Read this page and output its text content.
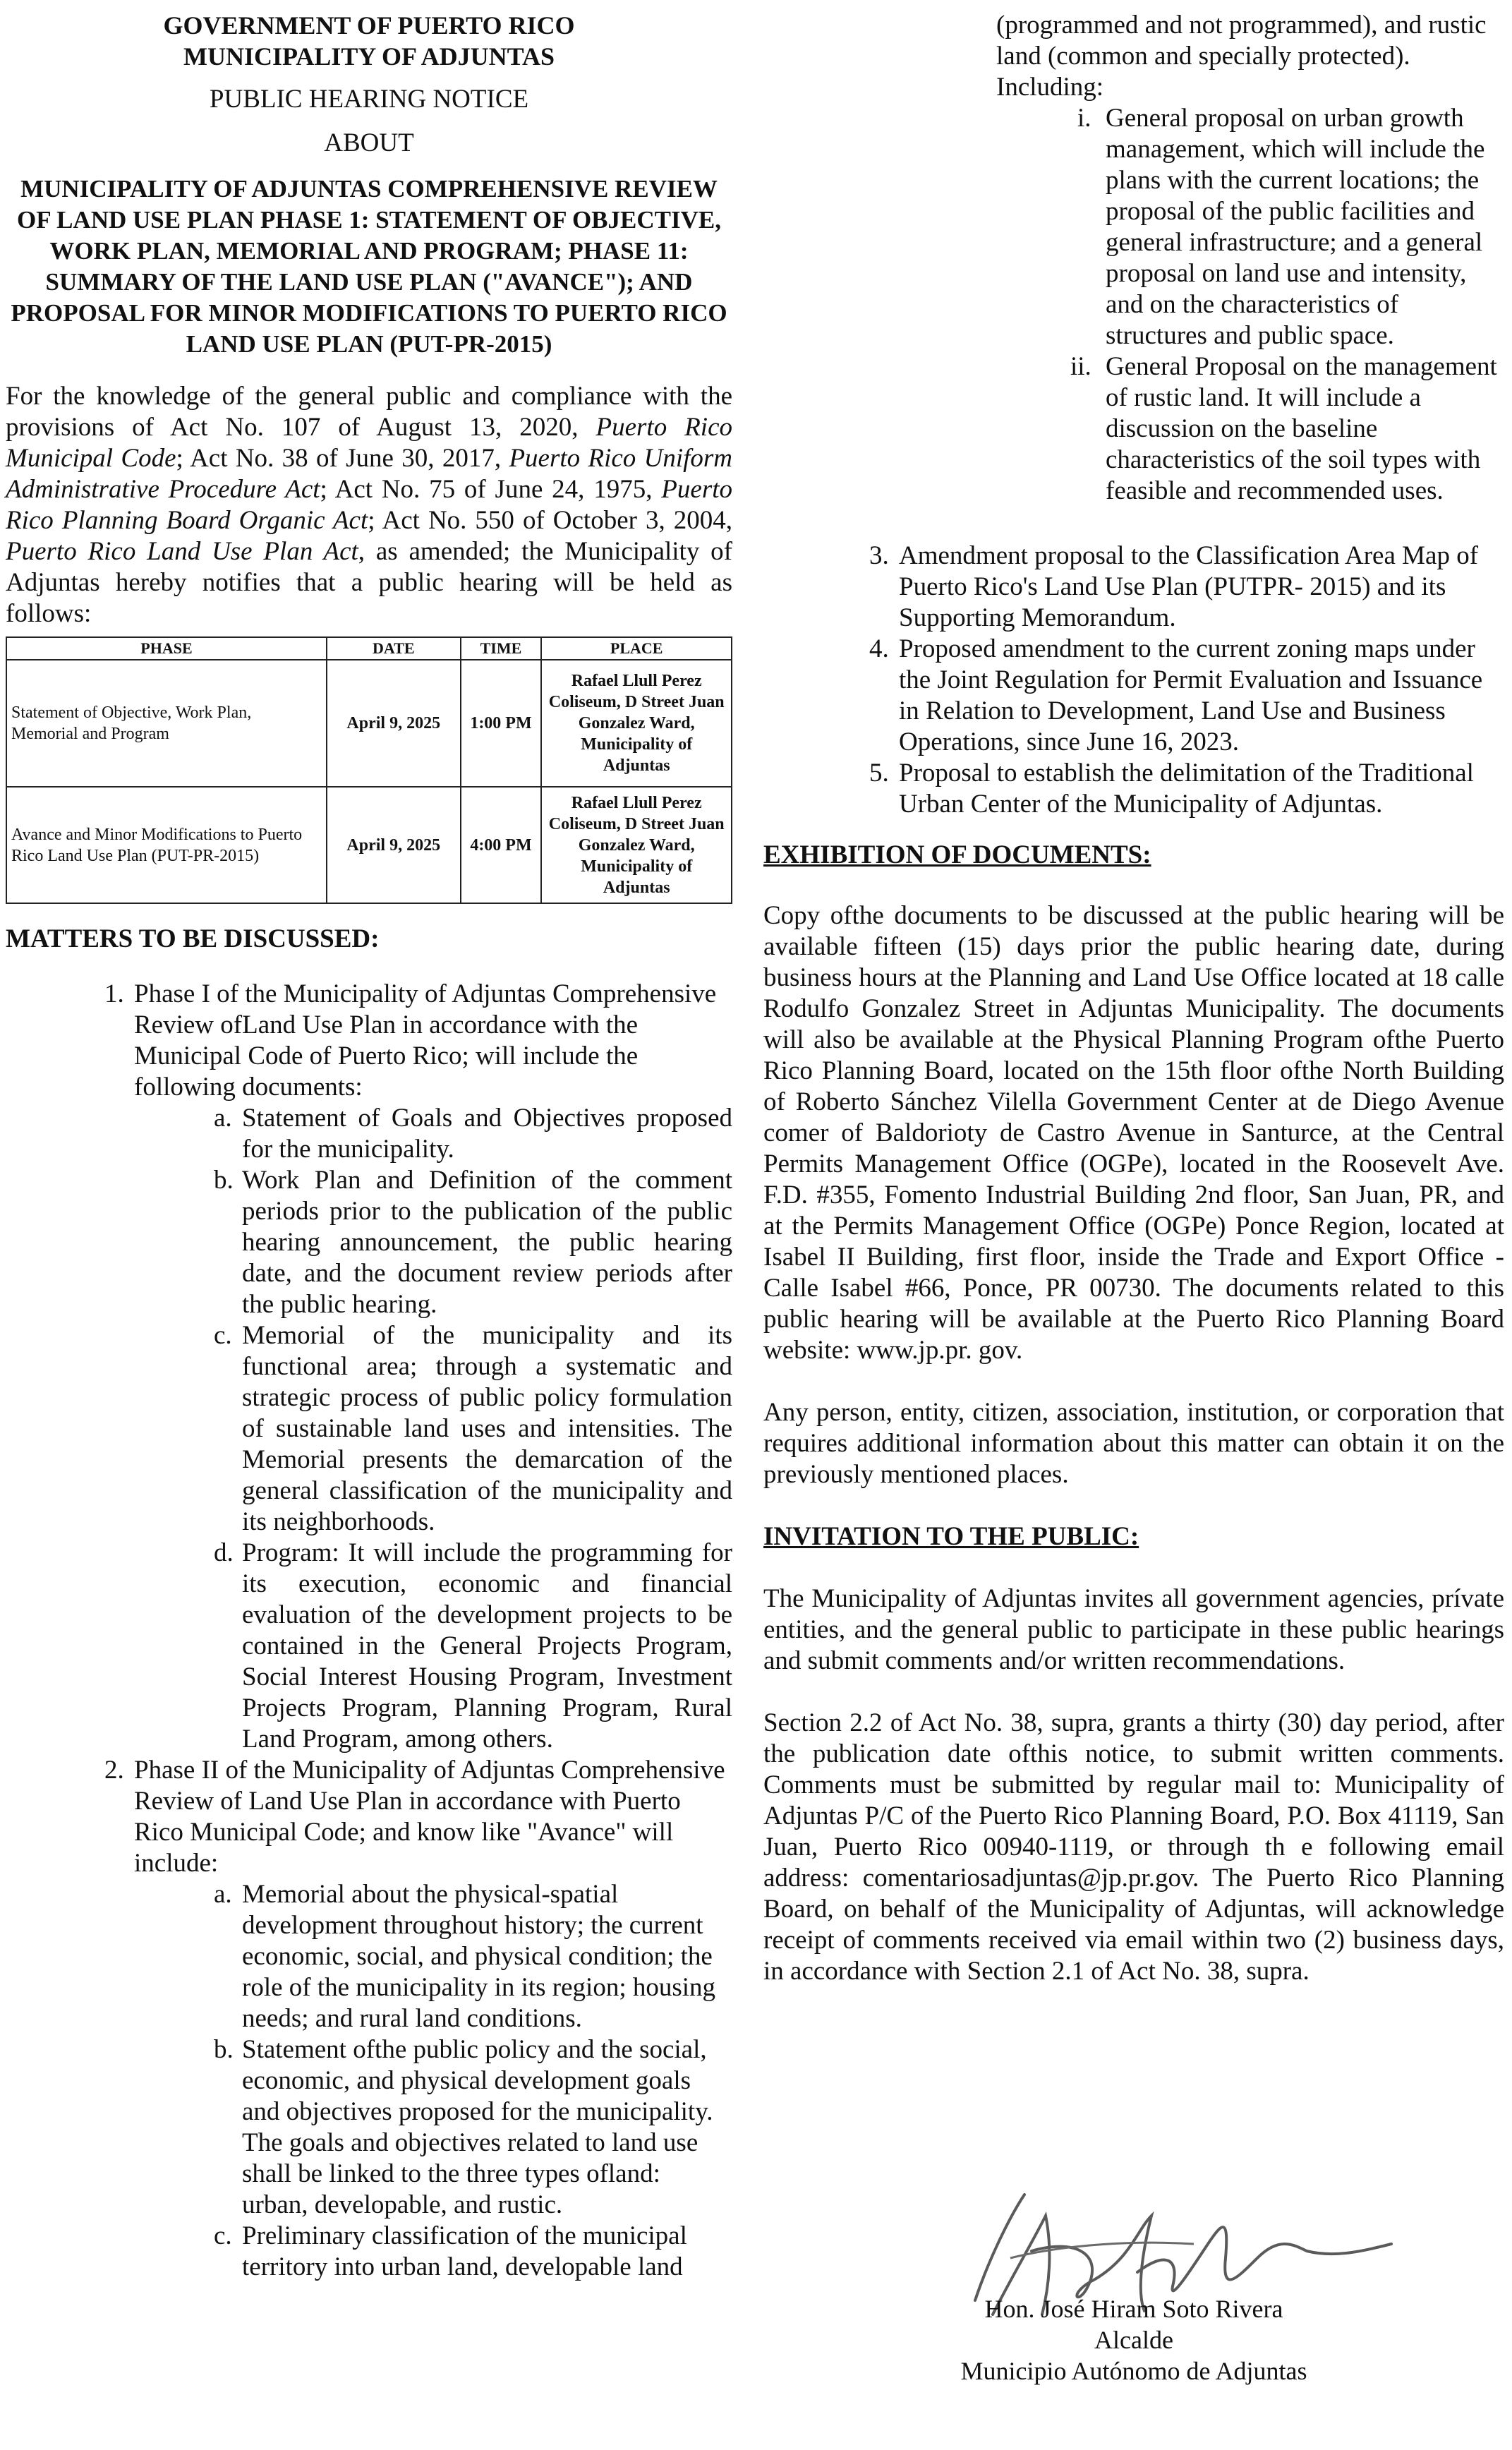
GOVERNMENT OF PUERTO RICO

MUNICIPALITY OF ADJUNTAS

PUBLIC HEARING NOTICE

ABOUT

MUNICIPALITY OF ADJUNTAS COMPREHENSIVE REVIEW OF LAND USE PLAN PHASE 1: STATEMENT OF OBJECTIVE, WORK PLAN, MEMORIAL AND PROGRAM; PHASE 11: SUMMARY OF THE LAND USE PLAN ("AVANCE"); AND PROPOSAL FOR MINOR MODIFICATIONS TO PUERTO RICO LAND USE PLAN (PUT-PR-2015)

For the knowledge of the general public and compliance with the provisions of Act No. 107 of August 13, 2020, Puerto Rico Municipal Code; Act No. 38 of June 30, 2017, Puerto Rico Uniform Administrative Procedure Act; Act No. 75 of June 24, 1975, Puerto Rico Planning Board Organic Act; Act No. 550 of October 3, 2004, Puerto Rico Land Use Plan Act, as amended; the Municipality of Adjuntas hereby notifies that a public hearing will be held as follows:

PHASE	DATE	TIME	PLACE
Statement of Objective, Work Plan, Memorial and Program	April 9, 2025	1:00 PM	Rafael Llull Perez Coliseum, D Street Juan Gonzalez Ward, Municipality of Adjuntas
Avance and Minor Modifications to Puerto Rico Land Use Plan (PUT-PR-2015)	April 9, 2025	4:00 PM	Rafael Llull Perez Coliseum, D Street Juan Gonzalez Ward, Municipality of Adjuntas

MATTERS TO BE DISCUSSED:

1. Phase I of the Municipality of Adjuntas Comprehensive Review ofLand Use Plan in accordance with the Municipal Code of Puerto Rico; will include the following documents:
a. Statement of Goals and Objectives proposed for the municipality.
b. Work Plan and Definition of the comment periods prior to the publication of the public hearing announcement, the public hearing date, and the document review periods after the public hearing.
c. Memorial of the municipality and its functional area; through a systematic and strategic process of public policy formulation of sustainable land uses and intensities. The Memorial presents the demarcation of the general classification of the municipality and its neighborhoods.
d. Program: It will include the programming for its execution, economic and financial evaluation of the development projects to be contained in the General Projects Program, Social Interest Housing Program, Investment Projects Program, Planning Program, Rural Land Program, among others.
2. Phase II of the Municipality of Adjuntas Comprehensive Review of Land Use Plan in accordance with Puerto Rico Municipal Code; and know like "Avance" will include:
a. Memorial about the physical-spatial development throughout history; the current economic, social, and physical condition; the role of the municipality in its region; housing needs; and rural land conditions.
b. Statement ofthe public policy and the social, economic, and physical development goals and objectives proposed for the municipality. The goals and objectives related to land use shall be linked to the three types ofland: urban, developable, and rustic.
c. Preliminary classification of the municipal territory into urban land, developable land
(programmed and not programmed), and rustic land (common and specially protected). Including:
i. General proposal on urban growth management, which will include the plans with the current locations; the proposal of the public facilities and general infrastructure; and a general proposal on land use and intensity, and on the characteristics of structures and public space.
ii. General Proposal on the management of rustic land. It will include a discussion on the baseline characteristics of the soil types with feasible and recommended uses.
3. Amendment proposal to the Classification Area Map of Puerto Rico's Land Use Plan (PUTPR- 2015) and its Supporting Memorandum.
4. Proposed amendment to the current zoning maps under the Joint Regulation for Permit Evaluation and Issuance in Relation to Development, Land Use and Business Operations, since June 16, 2023.
5. Proposal to establish the delimitation of the Traditional Urban Center of the Municipality of Adjuntas.

EXHIBITION OF DOCUMENTS:

Copy ofthe documents to be discussed at the public hearing will be available fifteen (15) days prior the public hearing date, during business hours at the Planning and Land Use Office located at 18 calle Rodulfo Gonzalez Street in Adjuntas Municipality. The documents will also be available at the Physical Planning Program ofthe Puerto Rico Planning Board, located on the 15th floor ofthe North Building of Roberto Sánchez Vilella Government Center at de Diego Avenue comer of Baldorioty de Castro Avenue in Santurce, at the Central Permits Management Office (OGPe), located in the Roosevelt Ave. F.D. #355, Fomento Industrial Building 2nd floor, San Juan, PR, and at the Permits Management Office (OGPe) Ponce Region, located at Isabel II Building, first floor, inside the Trade and Export Office - Calle Isabel #66, Ponce, PR 00730. The documents related to this public hearing will be available at the Puerto Rico Planning Board website: www.jp.pr. gov.

Any person, entity, citizen, association, institution, or corporation that requires additional information about this matter can obtain it on the previously mentioned places.

INVITATION TO THE PUBLIC:

The Municipality of Adjuntas invites all government agencies, prívate entities, and the general public to participate in these public hearings and submit comments and/or written recommendations.

Section 2.2 of Act No. 38, supra, grants a thirty (30) day period, after the publication date ofthis notice, to submit written comments. Comments must be submitted by regular mail to: Municipality of Adjuntas P/C of the Puerto Rico Planning Board, P.O. Box 41119, San Juan, Puerto Rico 00940-1119, or through th e following email address: comentariosadjuntas@jp.pr.gov. The Puerto Rico Planning Board, on behalf of the Municipality of Adjuntas, will acknowledge receipt of comments received via email within two (2) business days, in accordance with Section 2.1 of Act No. 38, supra.

Hon. José Hiram Soto Rivera

Alcalde

Municipio Autónomo de Adjuntas
